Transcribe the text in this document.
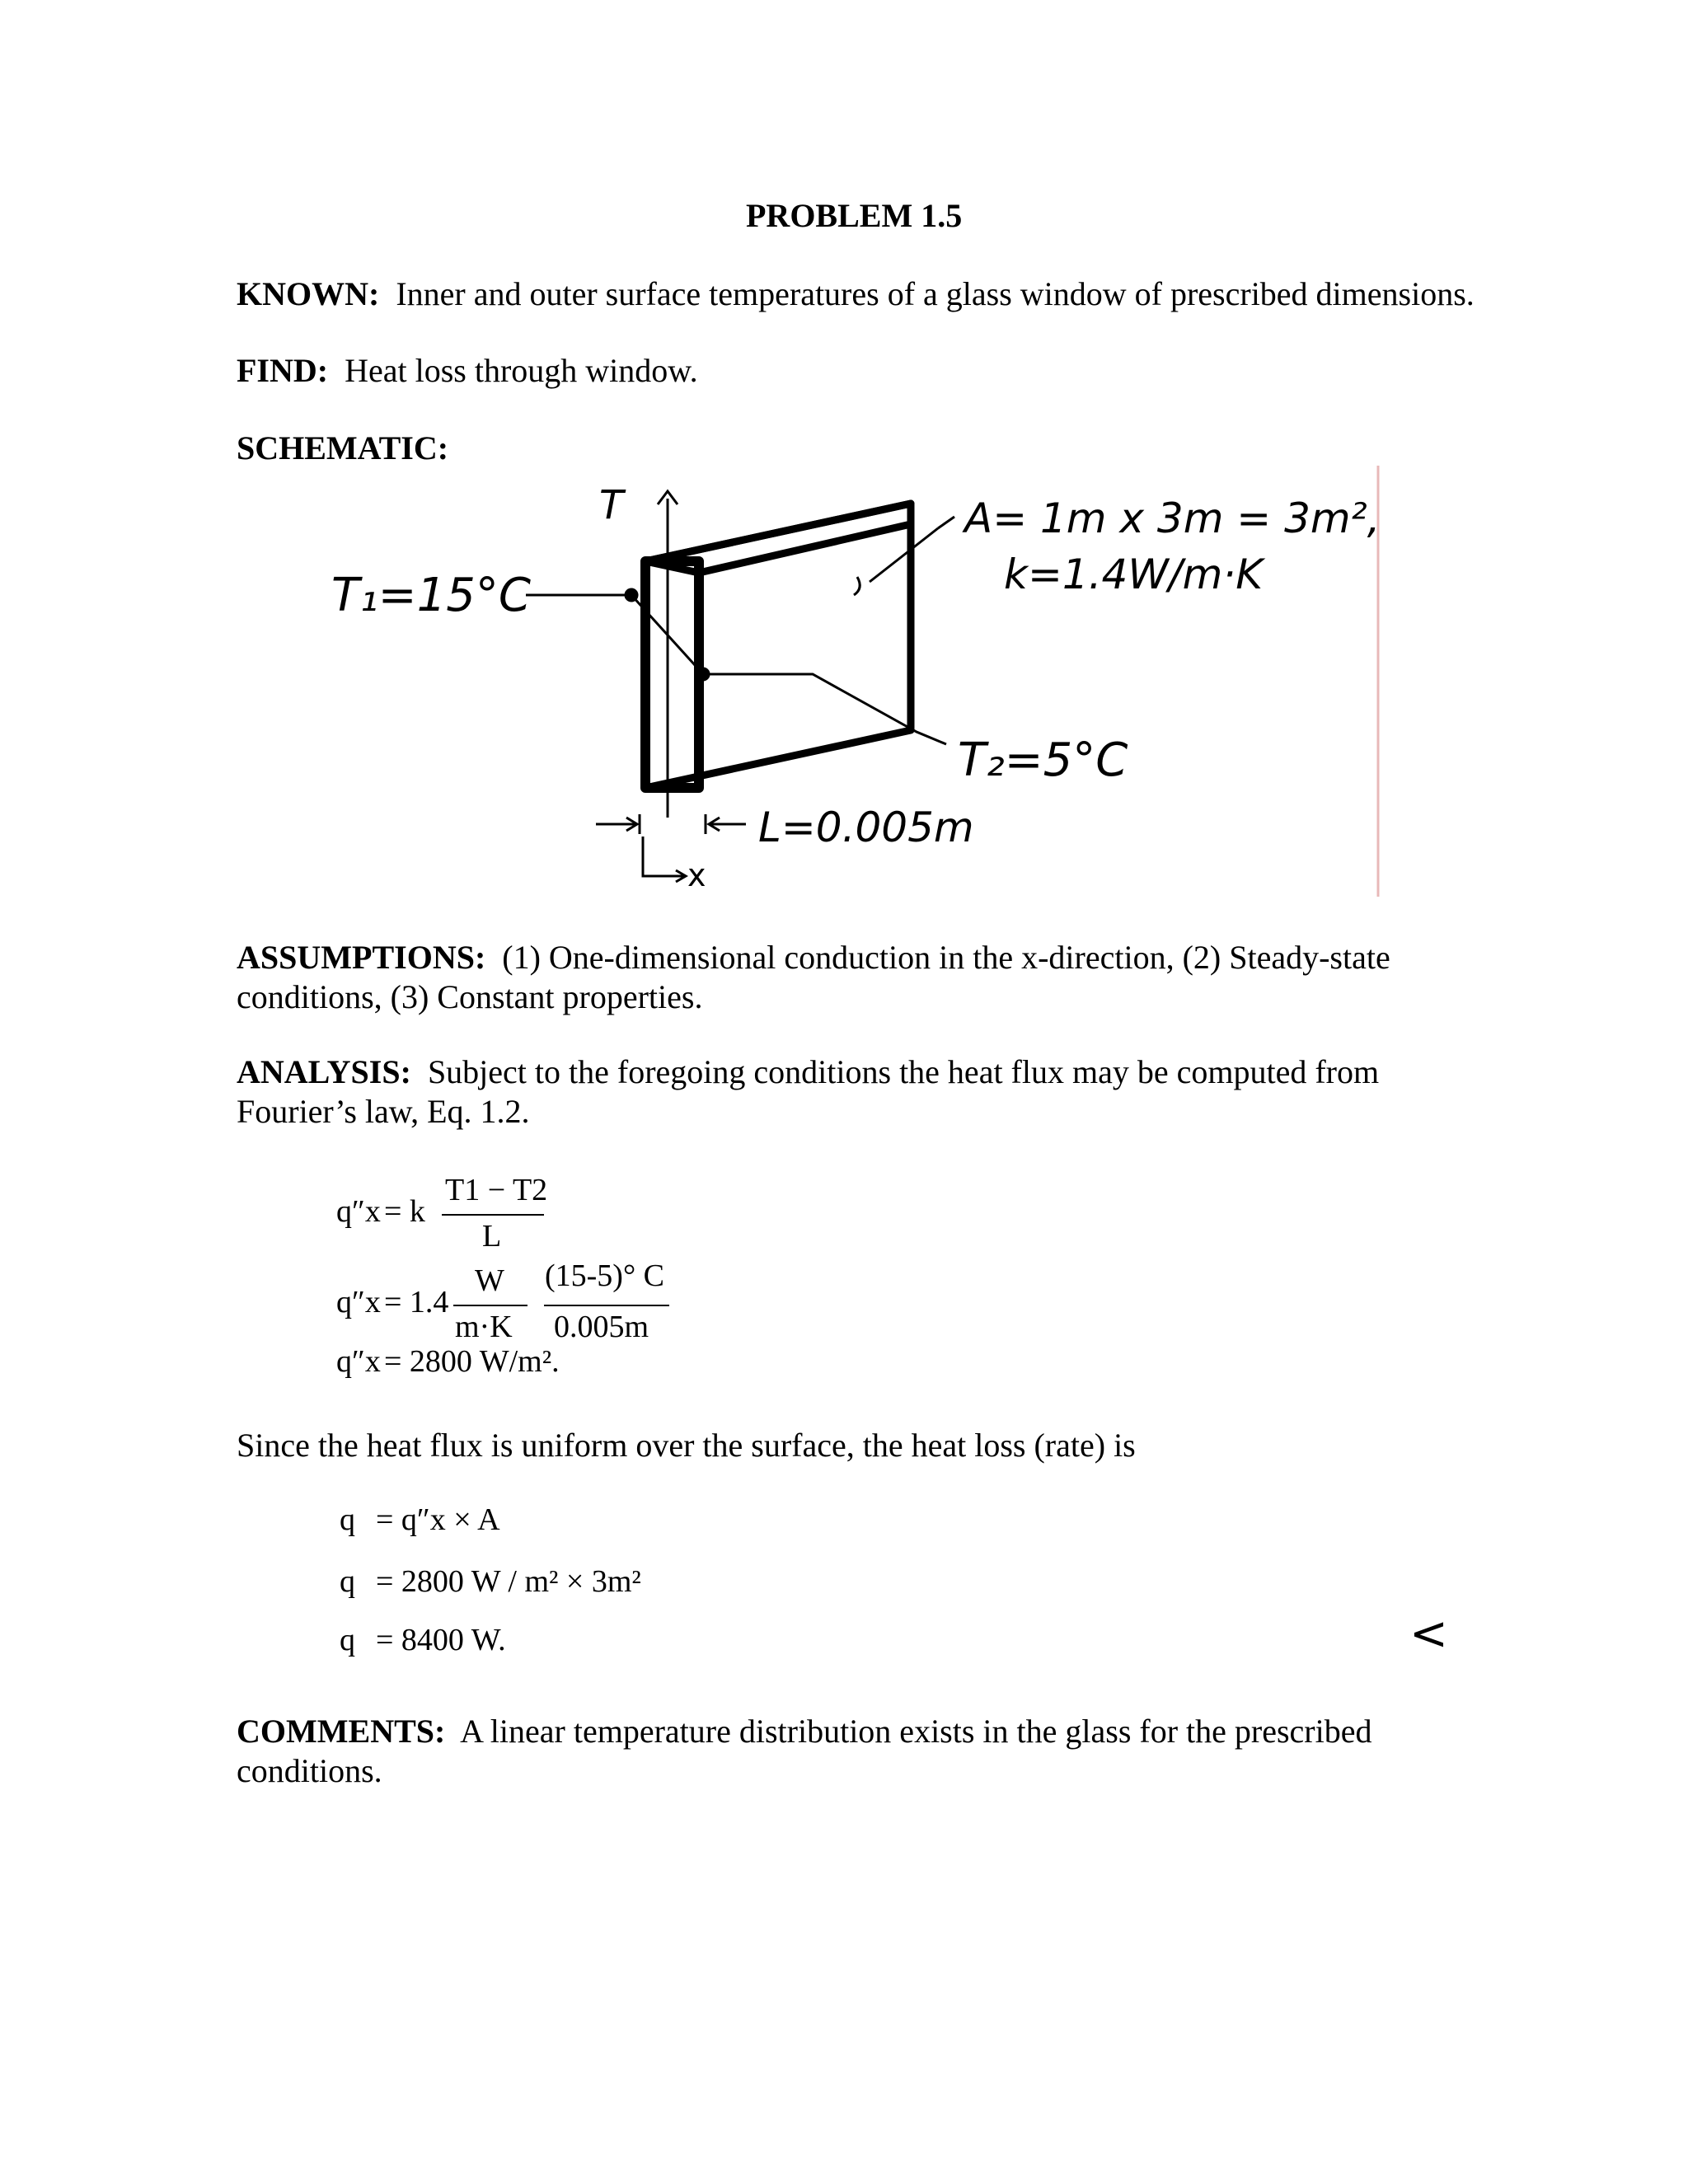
PROBLEM 1.5
KNOWN: Inner and outer surface temperatures of a glass window of prescribed dimensions.
FIND: Heat loss through window.
SCHEMATIC:
T₁=15°C
T	A= 1m x 3m = 3m²,
k=1.4W/m·K
T₂=5°C
L=0.005m
x
ASSUMPTIONS: (1) One-dimensional conduction in the x-direction, (2) Steady-state
conditions, (3) Constant properties.
ANALYSIS: Subject to the foregoing conditions the heat flux may be computed from
Fourier’s law, Eq. 1.2.
q″x = k
T1 − T2
L
q″x = 1.4
W
m·K
(15-5)° C
0.005m
q″x = 2800 W/m².
Since the heat flux is uniform over the surface, the heat loss (rate) is
q = q″x × A
q = 2800 W / m² × 3m²
q = 8400 W.	<
COMMENTS: A linear temperature distribution exists in the glass for the prescribed
conditions.
